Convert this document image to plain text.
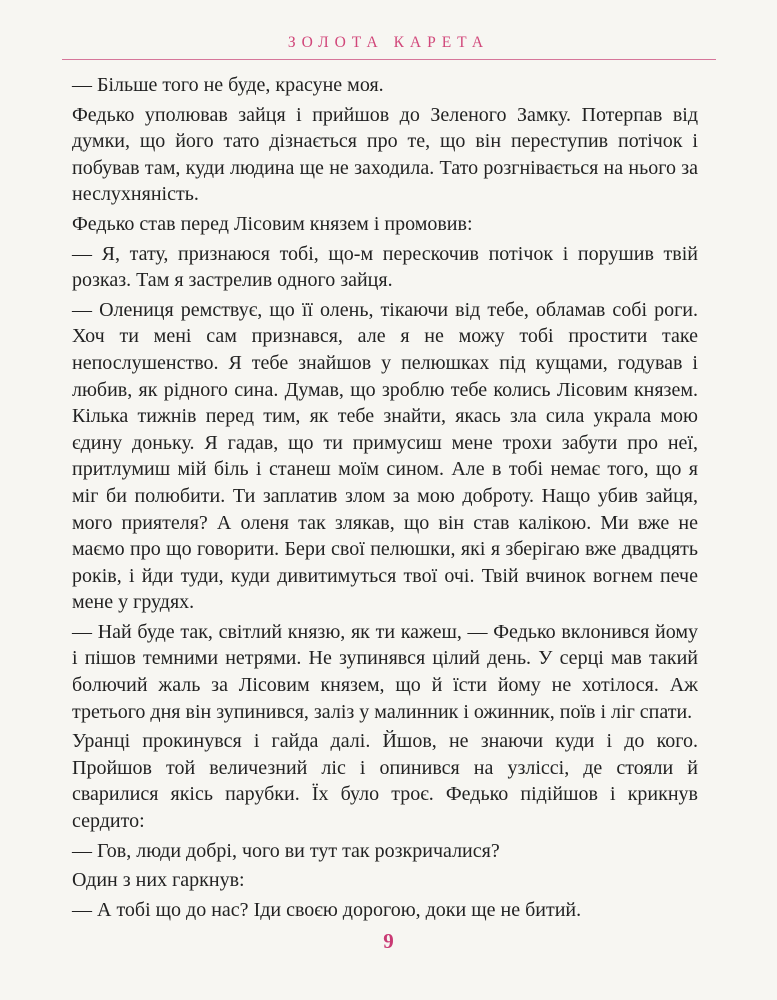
ЗОЛОТА КАРЕТА

— Більше того не буде, красуне моя.

Федько уполював зайця і прийшов до Зеленого Замку. Потерпав від думки, що його тато дізнається про те, що він переступив потічок і побував там, куди людина ще не заходила. Тато розгнівається на нього за неслухняність.

Федько став перед Лісовим князем і промовив:

— Я, тату, признаюся тобі, що-м перескочив потічок і порушив твій розказ. Там я застрелив одного зайця.

— Олениця ремствує, що її олень, тікаючи від тебе, обламав собі роги. Хоч ти мені сам признався, але я не можу тобі простити таке непослушенство. Я тебе знайшов у пелюшках під кущами, годував і любив, як рідного сина. Думав, що зроблю тебе колись Лісовим князем. Кілька тижнів перед тим, як тебе знайти, якась зла сила украла мою єдину доньку. Я гадав, що ти примусиш мене трохи забути про неї, притлумиш мій біль і станеш моїм сином. Але в тобі немає того, що я міг би полюбити. Ти заплатив злом за мою доброту. Нащо убив зайця, мого приятеля? А оленя так злякав, що він став калікою. Ми вже не маємо про що говорити. Бери свої пелюшки, які я зберігаю вже двадцять років, і йди туди, куди дивитимуться твої очі. Твій вчинок вогнем пече мене у грудях.

— Най буде так, світлий князю, як ти кажеш, — Федько вклонився йому і пішов темними нетрями. Не зупинявся цілий день. У серці мав такий болючий жаль за Лісовим князем, що й їсти йому не хотілося. Аж третього дня він зупинився, заліз у малинник і ожинник, поїв і ліг спати.

Уранці прокинувся і гайда далі. Йшов, не знаючи куди і до кого. Пройшов той величезний ліс і опинився на узліссі, де стояли й сварилися якісь парубки. Їх було троє. Федько підійшов і крикнув сердито:

— Гов, люди добрі, чого ви тут так розкричалися?

Один з них гаркнув:

— А тобі що до нас? Іди своєю дорогою, доки ще не битий.

9
